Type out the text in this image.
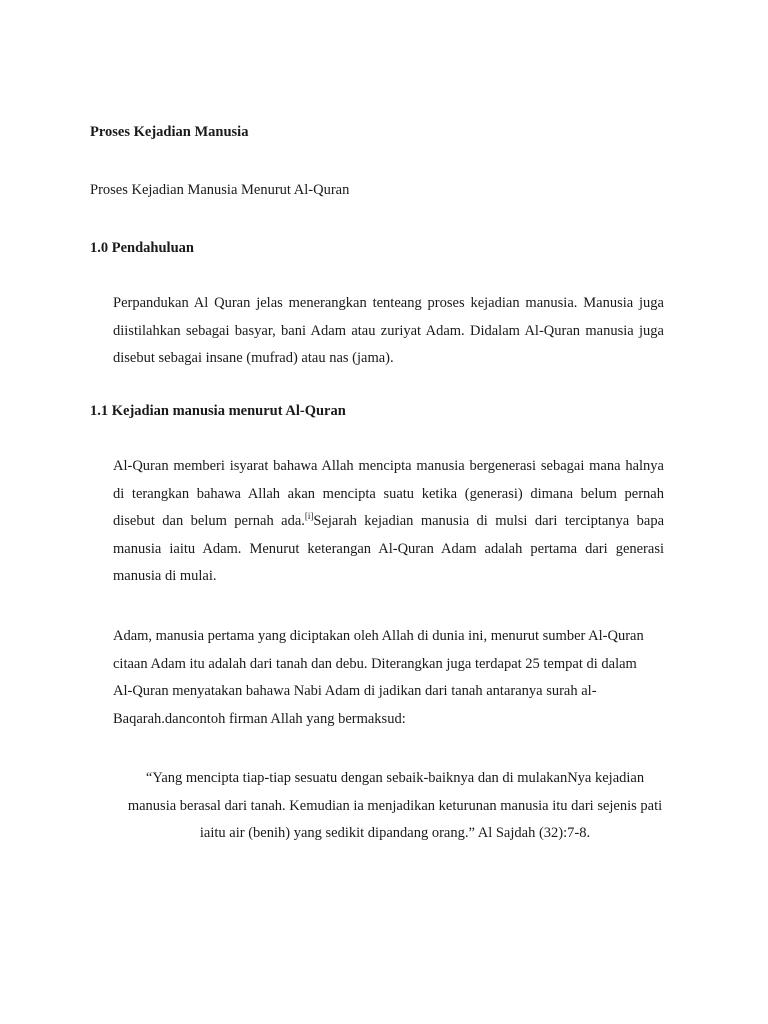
Proses Kejadian Manusia

Proses Kejadian Manusia Menurut Al-Quran

1.0 Pendahuluan

Perpandukan Al Quran jelas menerangkan tenteang proses kejadian manusia. Manusia juga
diistilahkan sebagai basyar, bani Adam atau zuriyat Adam. Didalam Al-Quran manusia juga
disebut sebagai insane (mufrad) atau nas (jama).

1.1 Kejadian manusia menurut Al-Quran

Al-Quran memberi isyarat bahawa Allah mencipta manusia bergenerasi sebagai mana halnya
di terangkan bahawa Allah akan mencipta suatu ketika (generasi) dimana belum pernah
disebut dan belum pernah ada.[i]Sejarah kejadian manusia di mulsi dari terciptanya bapa
manusia iaitu Adam. Menurut keterangan Al-Quran Adam adalah pertama dari generasi
manusia di mulai.
Adam, manusia pertama yang diciptakan oleh Allah di dunia ini, menurut sumber Al-Quran
citaan Adam itu adalah dari tanah dan debu. Diterangkan juga terdapat 25 tempat di dalam
Al-Quran menyatakan bahawa Nabi Adam di jadikan dari tanah antaranya surah al-
Baqarah.dancontoh firman Allah yang bermaksud:
“Yang mencipta tiap-tiap sesuatu dengan sebaik-baiknya dan di mulakanNya kejadian
manusia berasal dari tanah. Kemudian ia menjadikan keturunan manusia itu dari sejenis pati
iaitu air (benih) yang sedikit dipandang orang.” Al Sajdah (32):7-8.
